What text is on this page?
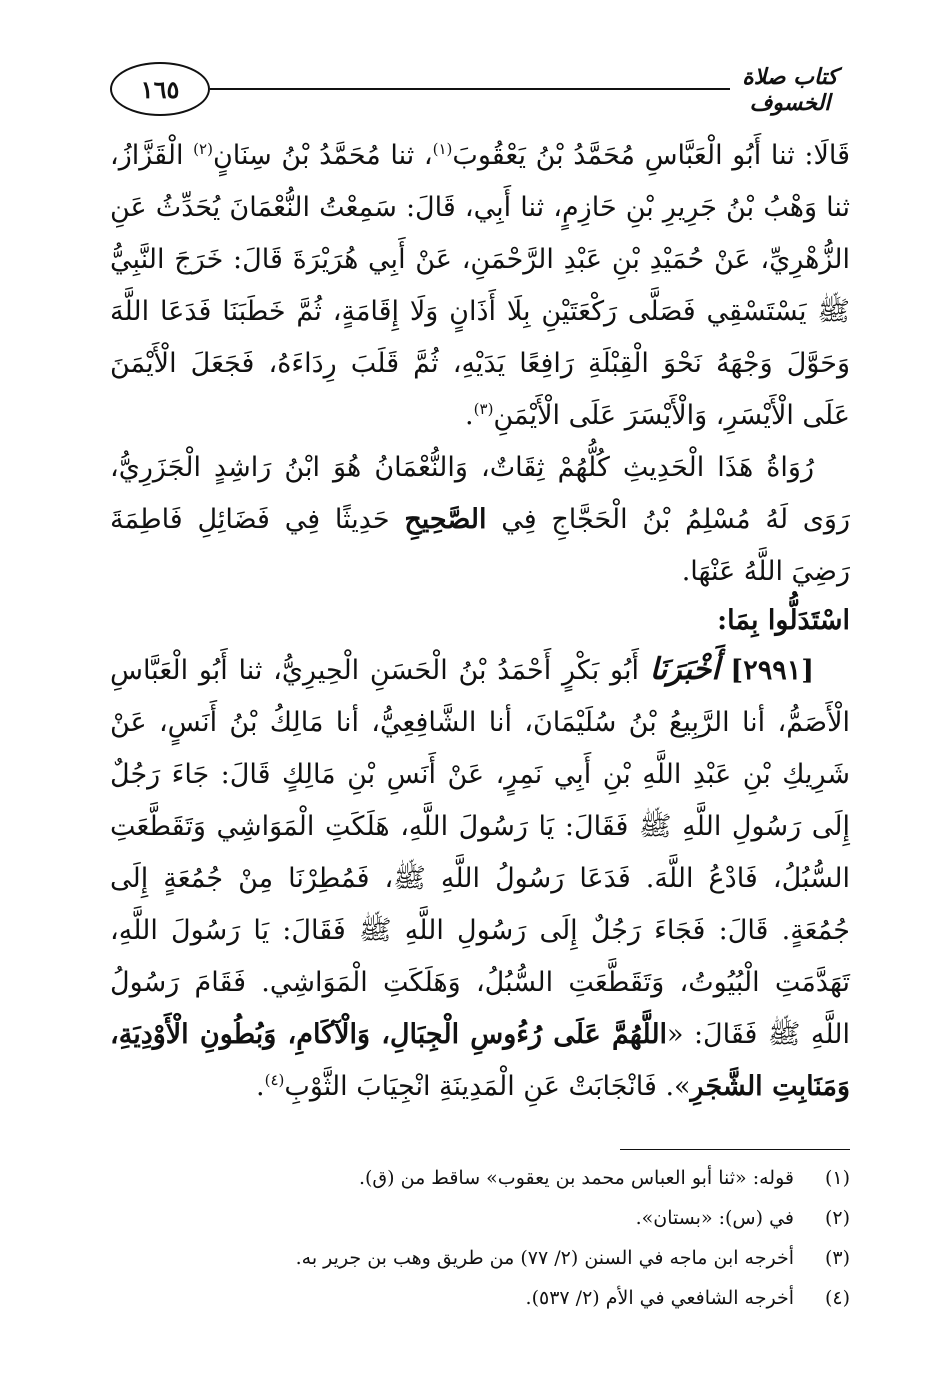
كتاب صلاة الخسوف
١٦٥

قَالَا: ثنا أَبُو الْعَبَّاسِ مُحَمَّدُ بْنُ يَعْقُوبَ$^{(١)}$، ثنا مُحَمَّدُ بْنُ سِنَانٍ$^{(٢)}$ الْقَزَّازُ، ثنا وَهْبُ بْنُ جَرِيرِ بْنِ حَازِمٍ، ثنا أَبِي، قَالَ: سَمِعْتُ النُّعْمَانَ يُحَدِّثُ عَنِ الزُّهْرِيِّ، عَنْ حُمَيْدِ بْنِ عَبْدِ الرَّحْمَنِ، عَنْ أَبِي هُرَيْرَةَ قَالَ: خَرَجَ النَّبِيُّ ﷺ يَسْتَسْقِي فَصَلَّى رَكْعَتَيْنِ بِلَا أَذَانٍ وَلَا إِقَامَةٍ، ثُمَّ خَطَبَنَا فَدَعَا اللَّهَ وَحَوَّلَ وَجْهَهُ نَحْوَ الْقِبْلَةِ رَافِعًا يَدَيْهِ، ثُمَّ قَلَبَ رِدَاءَهُ، فَجَعَلَ الْأَيْمَنَ عَلَى الْأَيْسَرِ، وَالْأَيْسَرَ عَلَى الْأَيْمَنِ$^{(٣)}$.

رُوَاةُ هَذَا الْحَدِيثِ كُلُّهُمْ ثِقَاتٌ، وَالنُّعْمَانُ هُوَ ابْنُ رَاشِدٍ الْجَزَرِيُّ، رَوَى لَهُ مُسْلِمُ بْنُ الْحَجَّاجِ فِي الصَّحِيحِ حَدِيثًا فِي فَضَائِلِ فَاطِمَةَ رَضِيَ اللَّهُ عَنْهَا.

اسْتَدَلُّوا بِمَا:

[٢٩٩١] أَخْبَرَنَا أَبُو بَكْرٍ أَحْمَدُ بْنُ الْحَسَنِ الْحِيرِيُّ، ثنا أَبُو الْعَبَّاسِ الْأَصَمُّ، أنا الرَّبِيعُ بْنُ سُلَيْمَانَ، أنا الشَّافِعِيُّ، أنا مَالِكُ بْنُ أَنَسٍ، عَنْ شَرِيكِ بْنِ عَبْدِ اللَّهِ بْنِ أَبِي نَمِرٍ، عَنْ أَنَسِ بْنِ مَالِكٍ قَالَ: جَاءَ رَجُلٌ إِلَى رَسُولِ اللَّهِ ﷺ فَقَالَ: يَا رَسُولَ اللَّهِ، هَلَكَتِ الْمَوَاشِي وَتَقَطَّعَتِ السُّبُلُ، فَادْعُ اللَّهَ. فَدَعَا رَسُولُ اللَّهِ ﷺ، فَمُطِرْنَا مِنْ جُمُعَةٍ إِلَى جُمُعَةٍ. قَالَ: فَجَاءَ رَجُلٌ إِلَى رَسُولِ اللَّهِ ﷺ فَقَالَ: يَا رَسُولَ اللَّهِ، تَهَدَّمَتِ الْبُيُوتُ، وَتَقَطَّعَتِ السُّبُلُ، وَهَلَكَتِ الْمَوَاشِي. فَقَامَ رَسُولُ اللَّهِ ﷺ فَقَالَ: «اللَّهُمَّ عَلَى رُءُوسِ الْجِبَالِ، وَالْآكَامِ، وَبُطُونِ الْأَوْدِيَةِ، وَمَنَابِتِ الشَّجَرِ». فَانْجَابَتْ عَنِ الْمَدِينَةِ انْجِيَابَ الثَّوْبِ$^{(٤)}$.

(١)
قوله: «ثنا أبو العباس محمد بن يعقوب» ساقط من (ق).
(٢)
في (س): «بستان».
(٣)
أخرجه ابن ماجه في السنن (٢/ ٧٧) من طريق وهب بن جرير به.
(٤)
أخرجه الشافعي في الأم (٢/ ٥٣٧).
